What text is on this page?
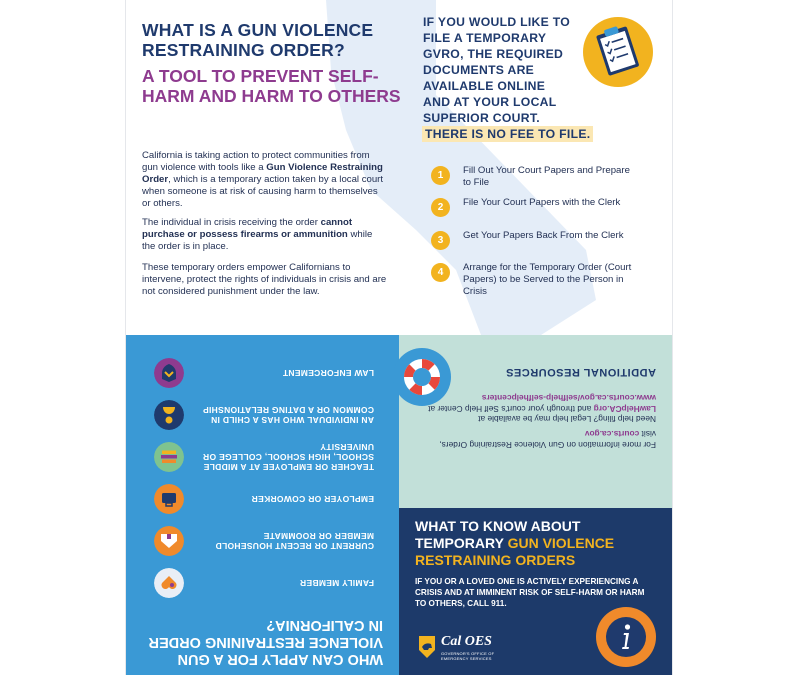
WHAT IS A GUN VIOLENCE RESTRAINING ORDER?
A TOOL TO PREVENT SELF-HARM AND HARM TO OTHERS

California is taking action to protect communities from gun violence with tools like a Gun Violence Restraining Order, which is a temporary action taken by a local court when someone is at risk of causing harm to themselves or others.

The individual in crisis receiving the order cannot purchase or possess firearms or ammunition while the order is in place.

These temporary orders empower Californians to intervene, protect the rights of individuals in crisis and are not considered punishment under the law.

IF YOU WOULD LIKE TO FILE A TEMPORARY GVRO, THE REQUIRED DOCUMENTS ARE AVAILABLE ONLINE AND AT YOUR LOCAL SUPERIOR COURT.
THERE IS NO FEE TO FILE.
1	Fill Out Your Court Papers and Prepare to File
2	File Your Court Papers with the Clerk
3	Get Your Papers Back From the Clerk
4	Arrange for the Temporary Order (Court Papers) to be Served to the Person in Crisis
WHO CAN APPLY FOR A GUN VIOLENCE RESTRAINING ORDER IN CALIFORNIA?
FAMILY MEMBER
CURRENT OR RECENT HOUSEHOLD MEMBER OR ROOMMATE
EMPLOYER OR COWORKER
TEACHER OR EMPLOYEE AT A MIDDLE SCHOOL, HIGH SCHOOL, COLLEGE OR UNIVERSITY
AN INDIVIDUAL WHO HAS A CHILD IN COMMON OR A DATING RELATIONSHIP
LAW ENFORCEMENT	ADDITIONAL RESOURCES

Need help filing? Legal help may be available at LawHelpCA.org and through your court's Self Help Center at www.courts.ca.gov/selfhelp-selfhelpcenters

For more information on Gun Violence Restraining Orders, visit courts.ca.gov

WHAT TO KNOW ABOUT TEMPORARY GUN VIOLENCE RESTRAINING ORDERS

IF YOU OR A LOVED ONE IS ACTIVELY EXPERIENCING A CRISIS AND AT IMMINENT RISK OF SELF-HARM OR HARM TO OTHERS, CALL 911.

Cal OES
GOVERNOR'S OFFICE OF EMERGENCY SERVICES
